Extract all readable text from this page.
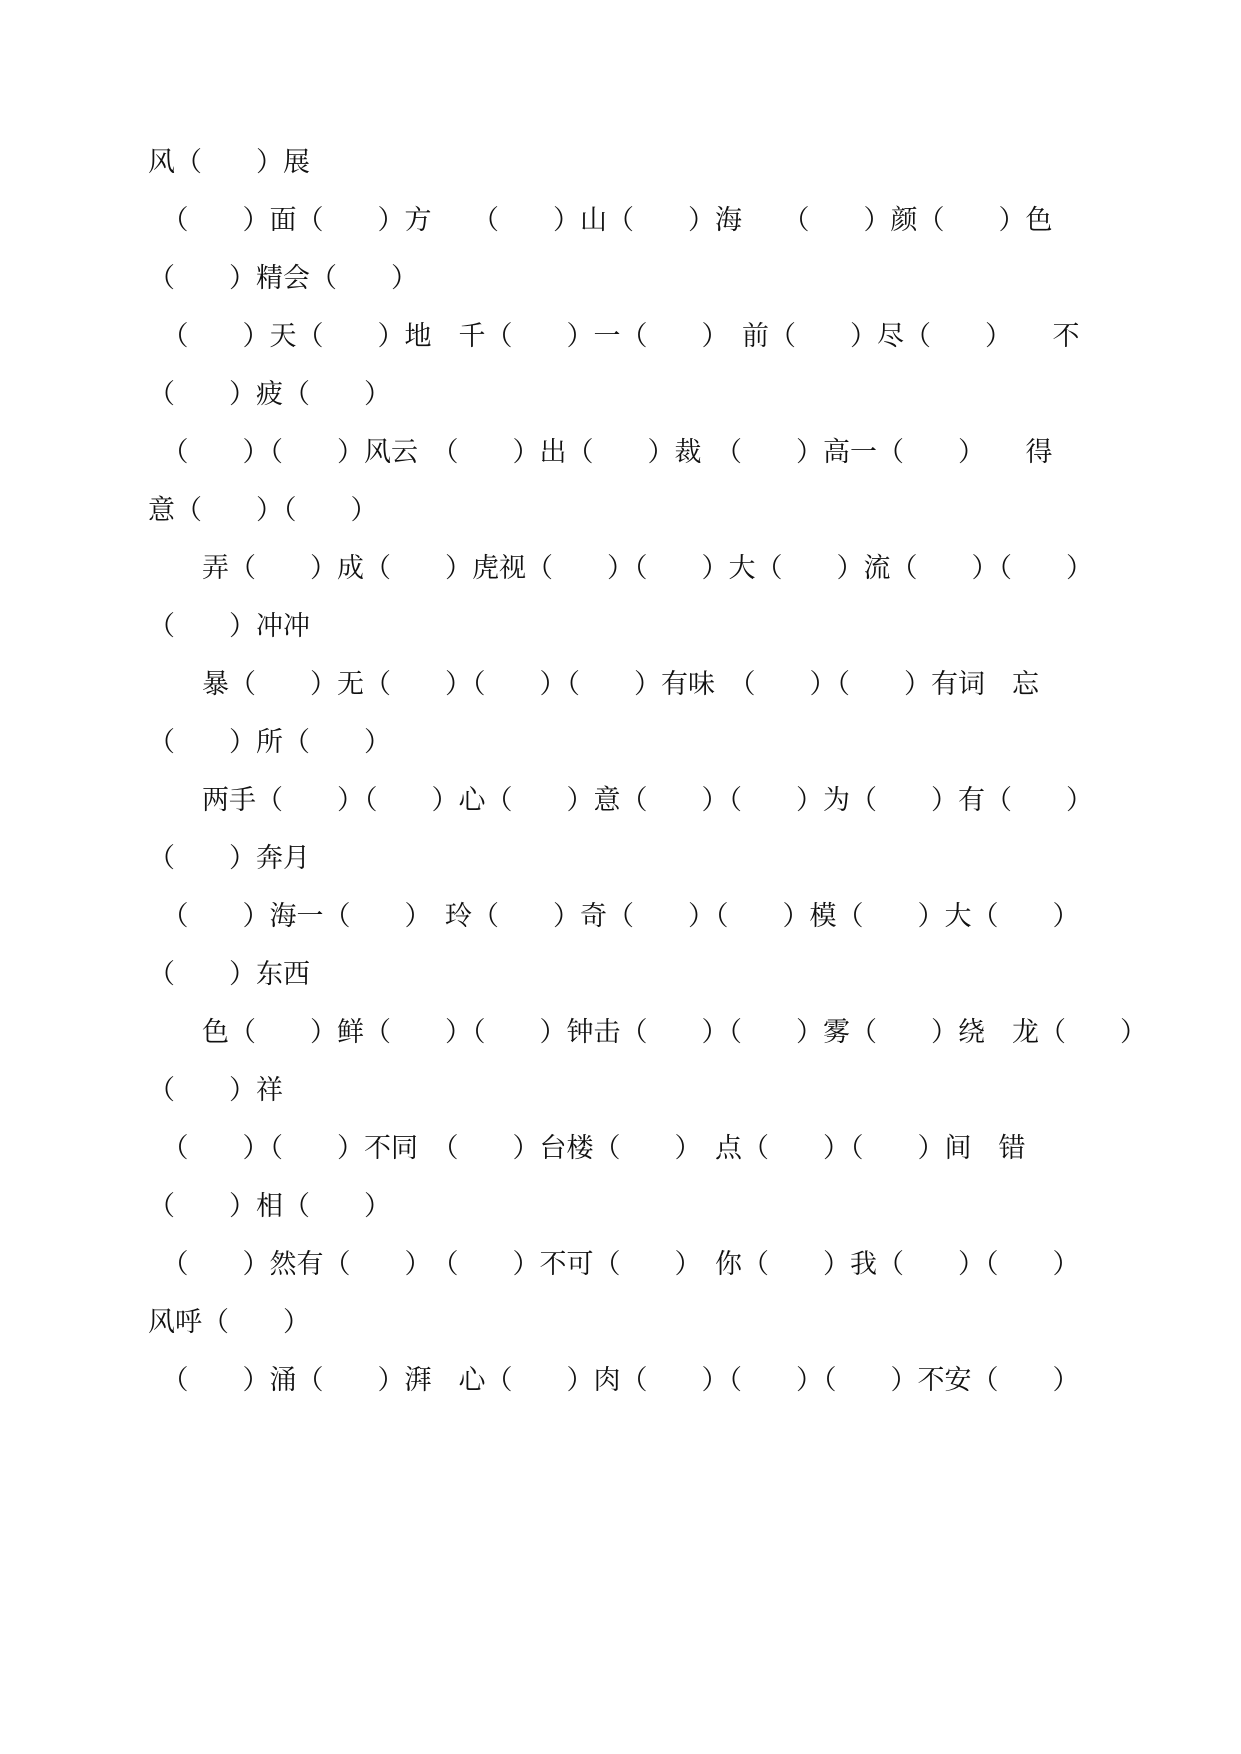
风（　　）展
　（　　）面（　　）方　　（　　）山（　　）海　　（　　）颜（　　）色
（　　）精会（　　）
　（　　）天（　　）地　千（　　）一（　　）　前（　　）尽（　　）　　不
（　　）疲（　　）
　（　　）（　　）风云　（　　）出（　　）裁　（　　）高一（　　）　　得
意（　　）（　　）
　　弄（　　）成（　　）虎视（　　）（　　）大（　　）流（　　）（　　）
（　　）冲冲
　　暴（　　）无（　　）（　　）（　　）有味　（　　）（　　）有词　忘
（　　）所（　　）
　　两手（　　）（　　）心（　　）意（　　）（　　）为（　　）有（　　）
（　　）奔月
　（　　）海一（　　）　玲（　　）奇（　　）（　　）模（　　）大（　　）
（　　）东西
　　色（　　）鲜（　　）（　　）钟击（　　）（　　）雾（　　）绕　龙（　　）
（　　）祥
　（　　）（　　）不同　（　　）台楼（　　）　点（　　）（　　）间　错
（　　）相（　　）
　（　　）然有（　　）　（　　）不可（　　）　你（　　）我（　　）（　　）
风呼（　　）
　（　　）涌（　　）湃　心（　　）肉（　　）（　　）（　　）不安（　　）
